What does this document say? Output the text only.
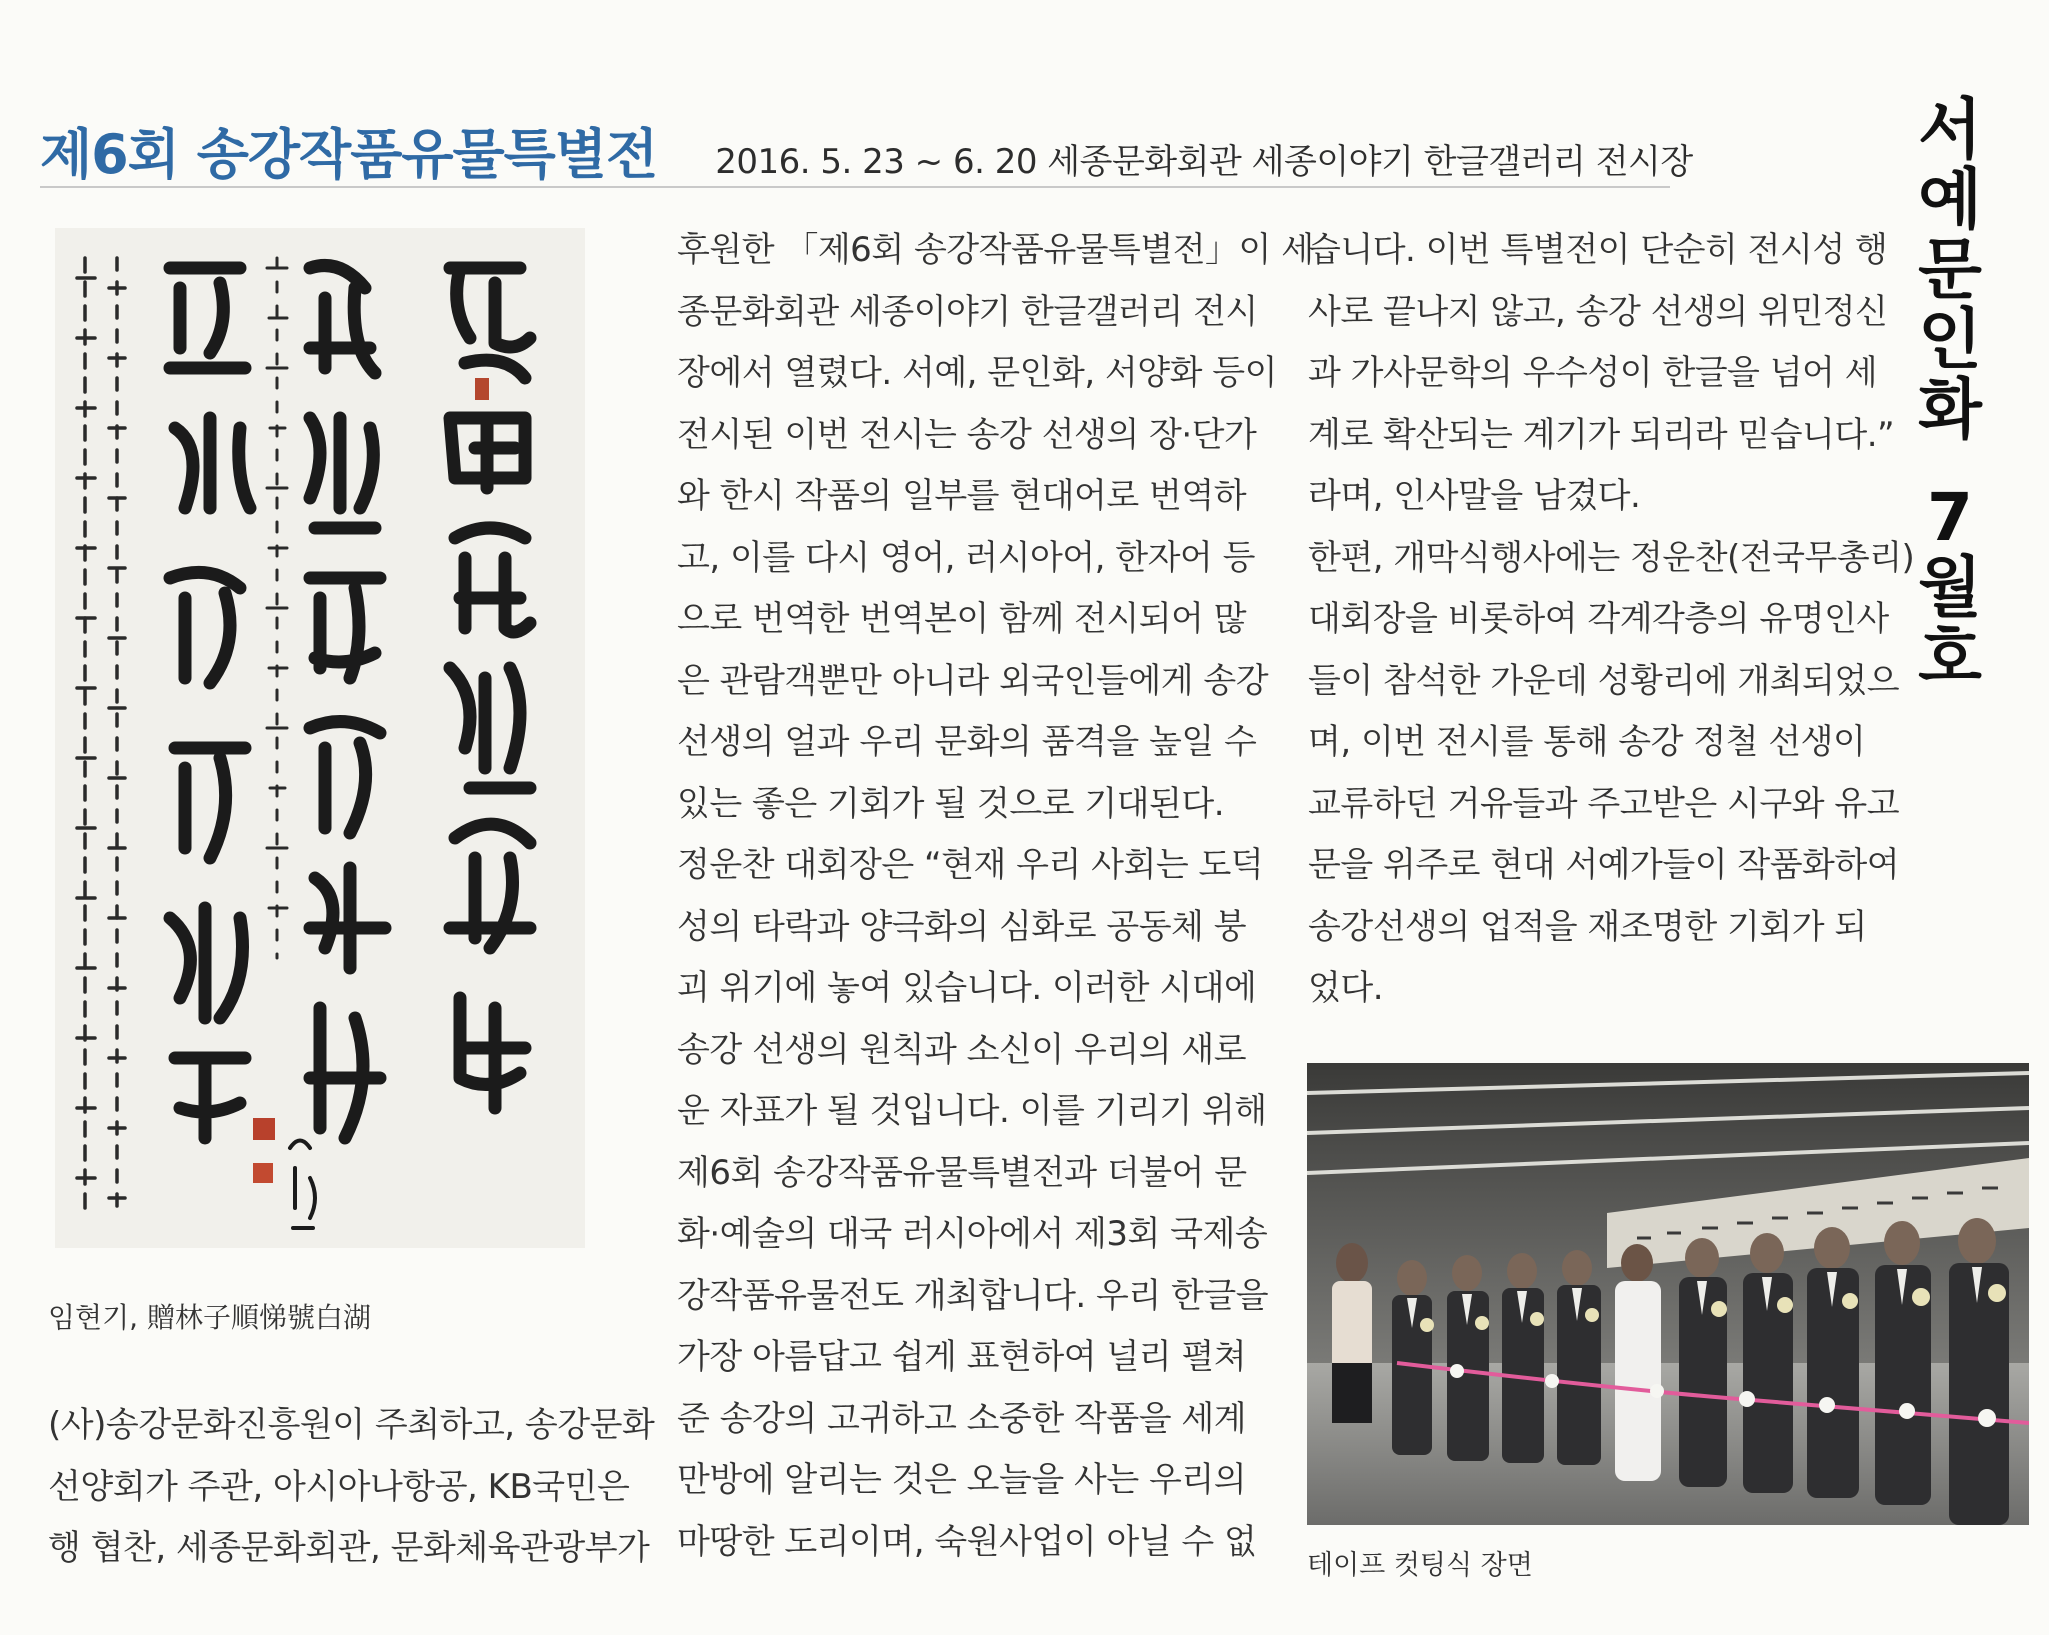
제6회 송강작품유물특별전 2016. 5. 23 ~ 6. 20 세종문화회관 세종이야기 한글갤러리 전시장	서
예
문
인
화
7
월
호
임현기, 贈林子順悌號白湖

(사)송강문화진흥원이 주최하고, 송강문화

선양회가 주관, 아시아나항공, KB국민은

행 협찬, 세종문화회관, 문화체육관광부가

후원한 「제6회 송강작품유물특별전」이 세

종문화회관 세종이야기 한글갤러리 전시

장에서 열렸다. 서예, 문인화, 서양화 등이

전시된 이번 전시는 송강 선생의 장·단가

와 한시 작품의 일부를 현대어로 번역하

고, 이를 다시 영어, 러시아어, 한자어 등

으로 번역한 번역본이 함께 전시되어 많

은 관람객뿐만 아니라 외국인들에게 송강

선생의 얼과 우리 문화의 품격을 높일 수

있는 좋은 기회가 될 것으로 기대된다.

정운찬 대회장은 “현재 우리 사회는 도덕

성의 타락과 양극화의 심화로 공동체 붕

괴 위기에 놓여 있습니다. 이러한 시대에

송강 선생의 원칙과 소신이 우리의 새로

운 자표가 될 것입니다. 이를 기리기 위해

제6회 송강작품유물특별전과 더불어 문

화·예술의 대국 러시아에서 제3회 국제송

강작품유물전도 개최합니다. 우리 한글을

가장 아름답고 쉽게 표현하여 널리 펼쳐

준 송강의 고귀하고 소중한 작품을 세계

만방에 알리는 것은 오늘을 사는 우리의

마땅한 도리이며, 숙원사업이 아닐 수 없

습니다. 이번 특별전이 단순히 전시성 행

사로 끝나지 않고, 송강 선생의 위민정신

과 가사문학의 우수성이 한글을 넘어 세

계로 확산되는 계기가 되리라 믿습니다.”

라며, 인사말을 남겼다.

한편, 개막식행사에는 정운찬(전국무총리)

대회장을 비롯하여 각계각층의 유명인사

들이 참석한 가운데 성황리에 개최되었으

며, 이번 전시를 통해 송강 정철 선생이

교류하던 거유들과 주고받은 시구와 유고

문을 위주로 현대 서예가들이 작품화하여

송강선생의 업적을 재조명한 기회가 되

었다.

테이프 컷팅식 장면
